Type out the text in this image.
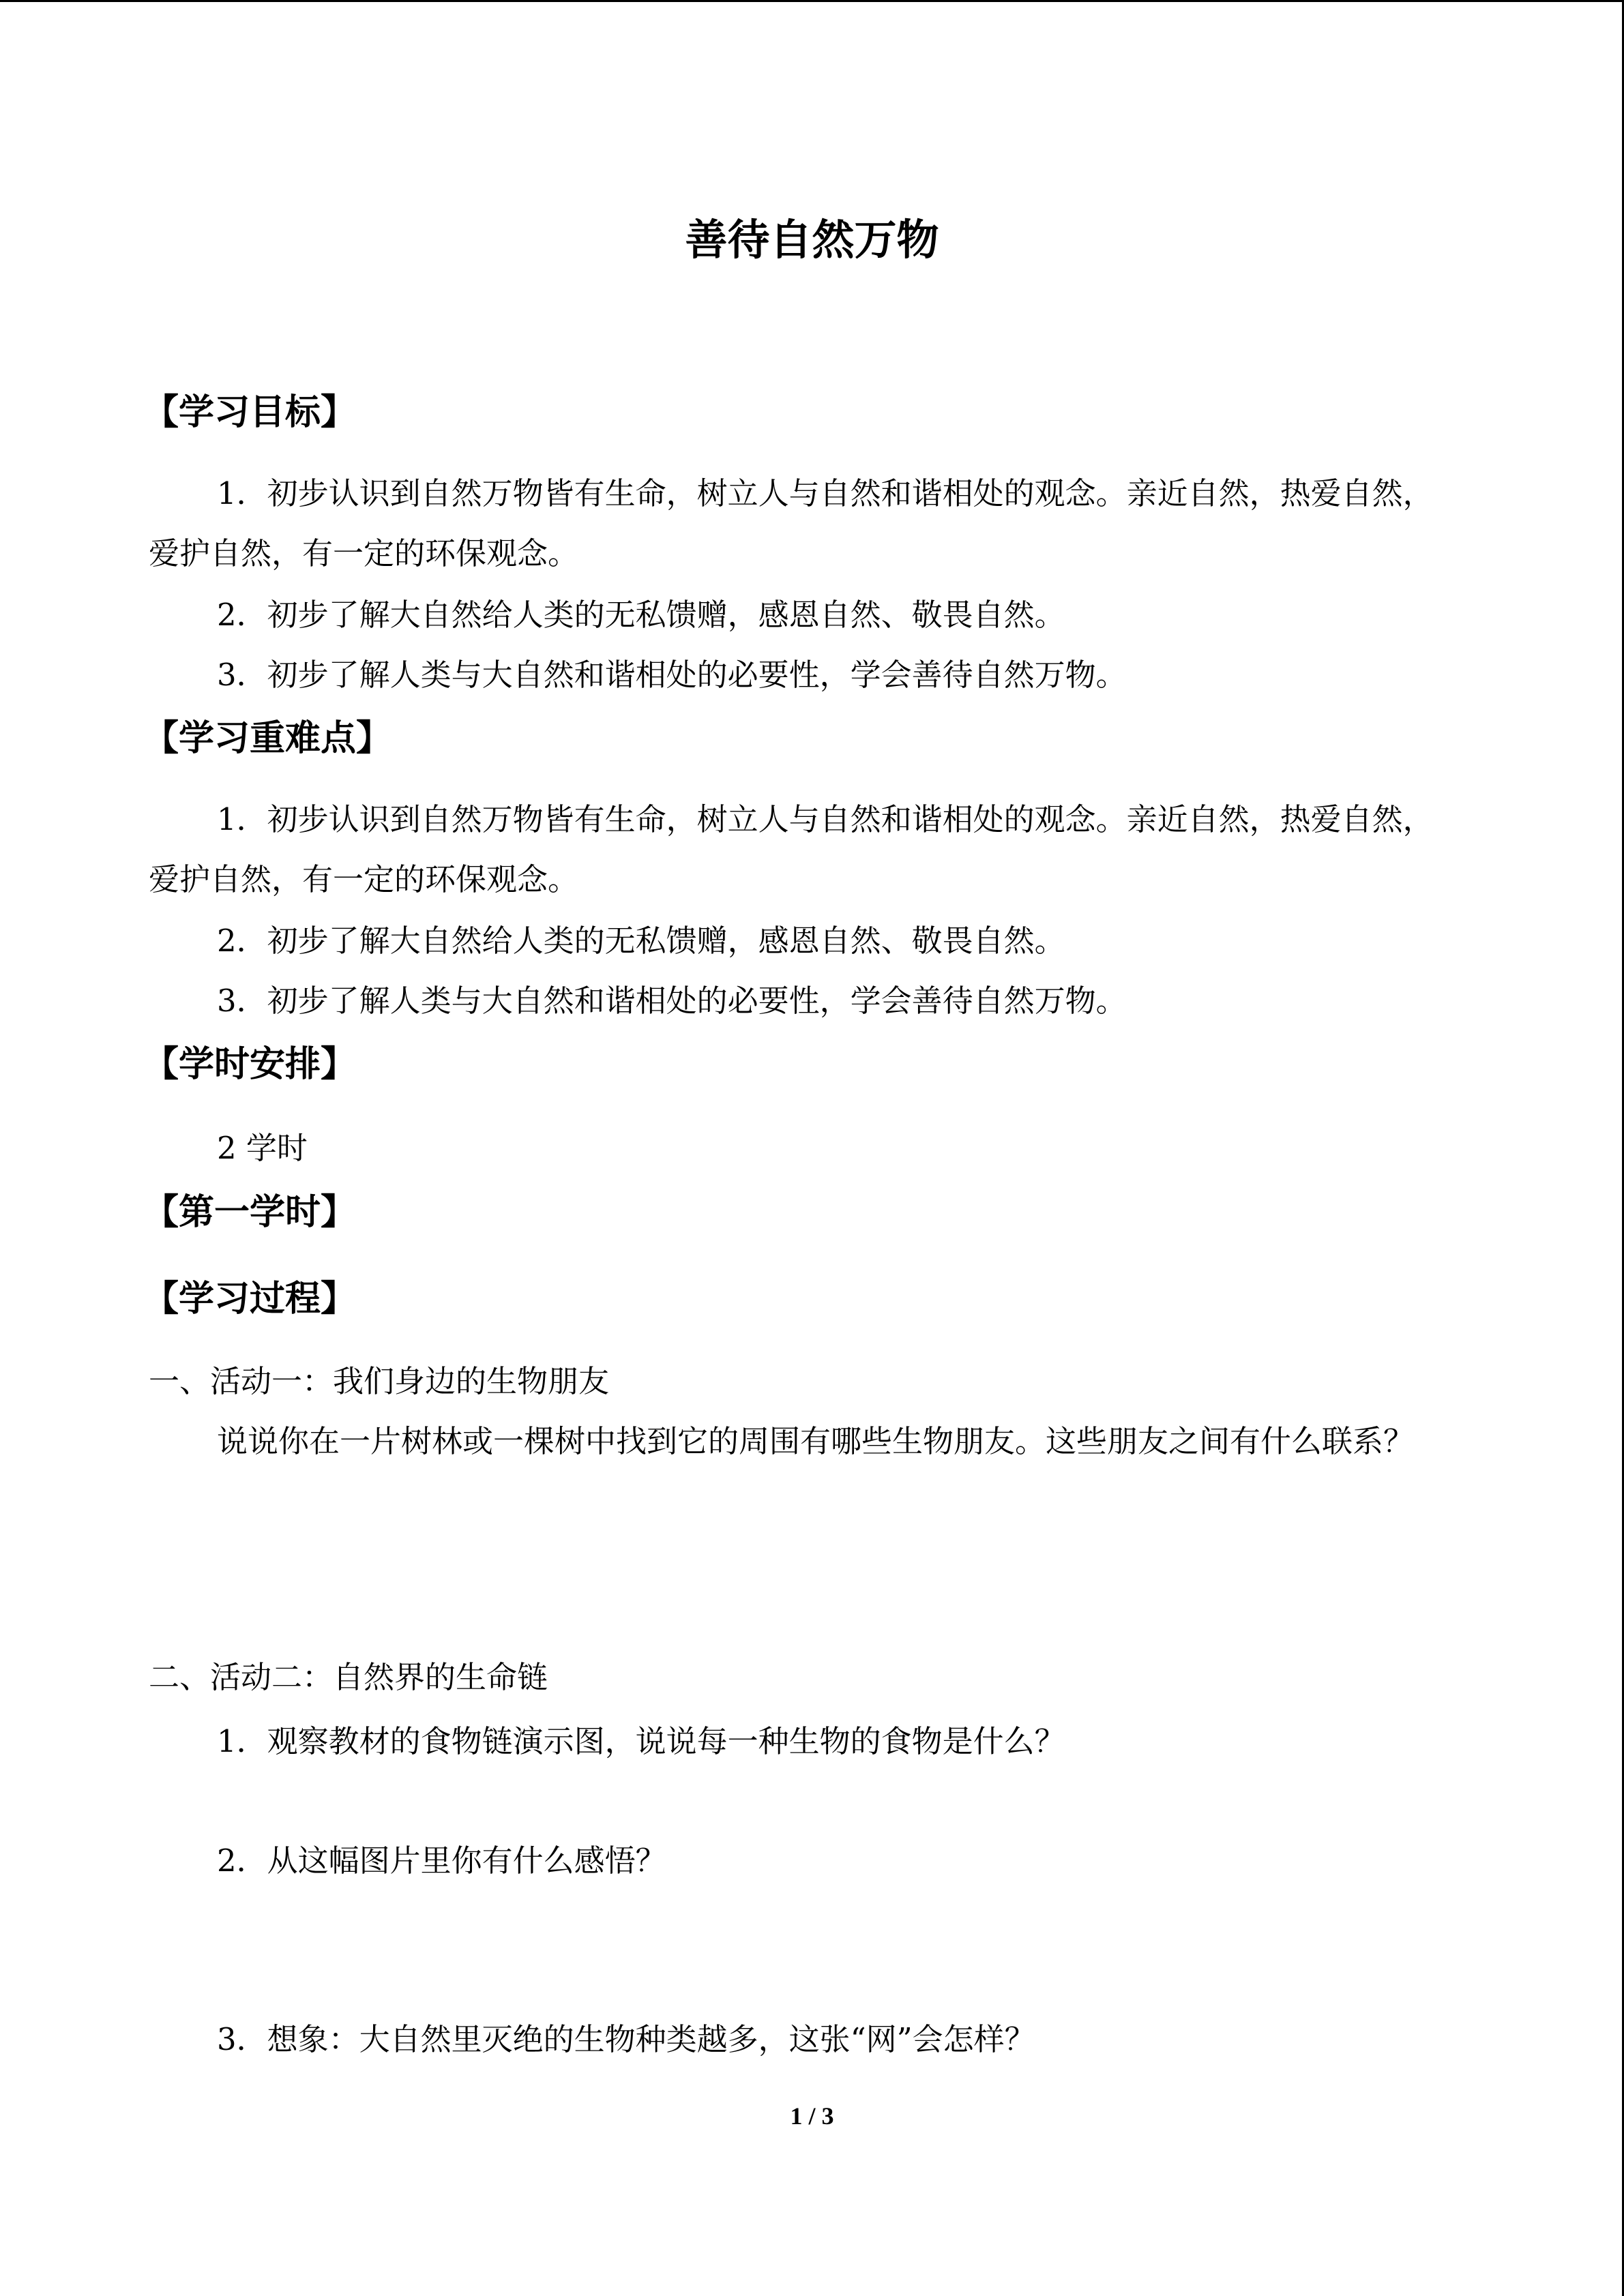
善待自然万物
【学习目标】
1．初步认识到自然万物皆有生命，树立人与自然和谐相处的观念。亲近自然，热爱自然， 爱护自然，有一定的环保观念。
2．初步了解大自然给人类的无私馈赠，感恩自然、敬畏自然。
3．初步了解人类与大自然和谐相处的必要性，学会善待自然万物。
【学习重难点】
1．初步认识到自然万物皆有生命，树立人与自然和谐相处的观念。亲近自然，热爱自然，爱护自然，有一定的环保观念。
2．初步了解大自然给人类的无私馈赠，感恩自然、敬畏自然。
3．初步了解人类与大自然和谐相处的必要性，学会善待自然万物。
【学时安排】
2 学时
【第一学时】
【学习过程】
一、活动一：我们身边的生物朋友
说说你在一片树林或一棵树中找到它的周围有哪些生物朋友。这些朋友之间有什么联系？
二、活动二：自然界的生命链
1．观察教材的食物链演示图，说说每一种生物的食物是什么？
2．从这幅图片里你有什么感悟？
3．想象：大自然里灭绝的生物种类越多，这张“网”会怎样？
1 / 3
